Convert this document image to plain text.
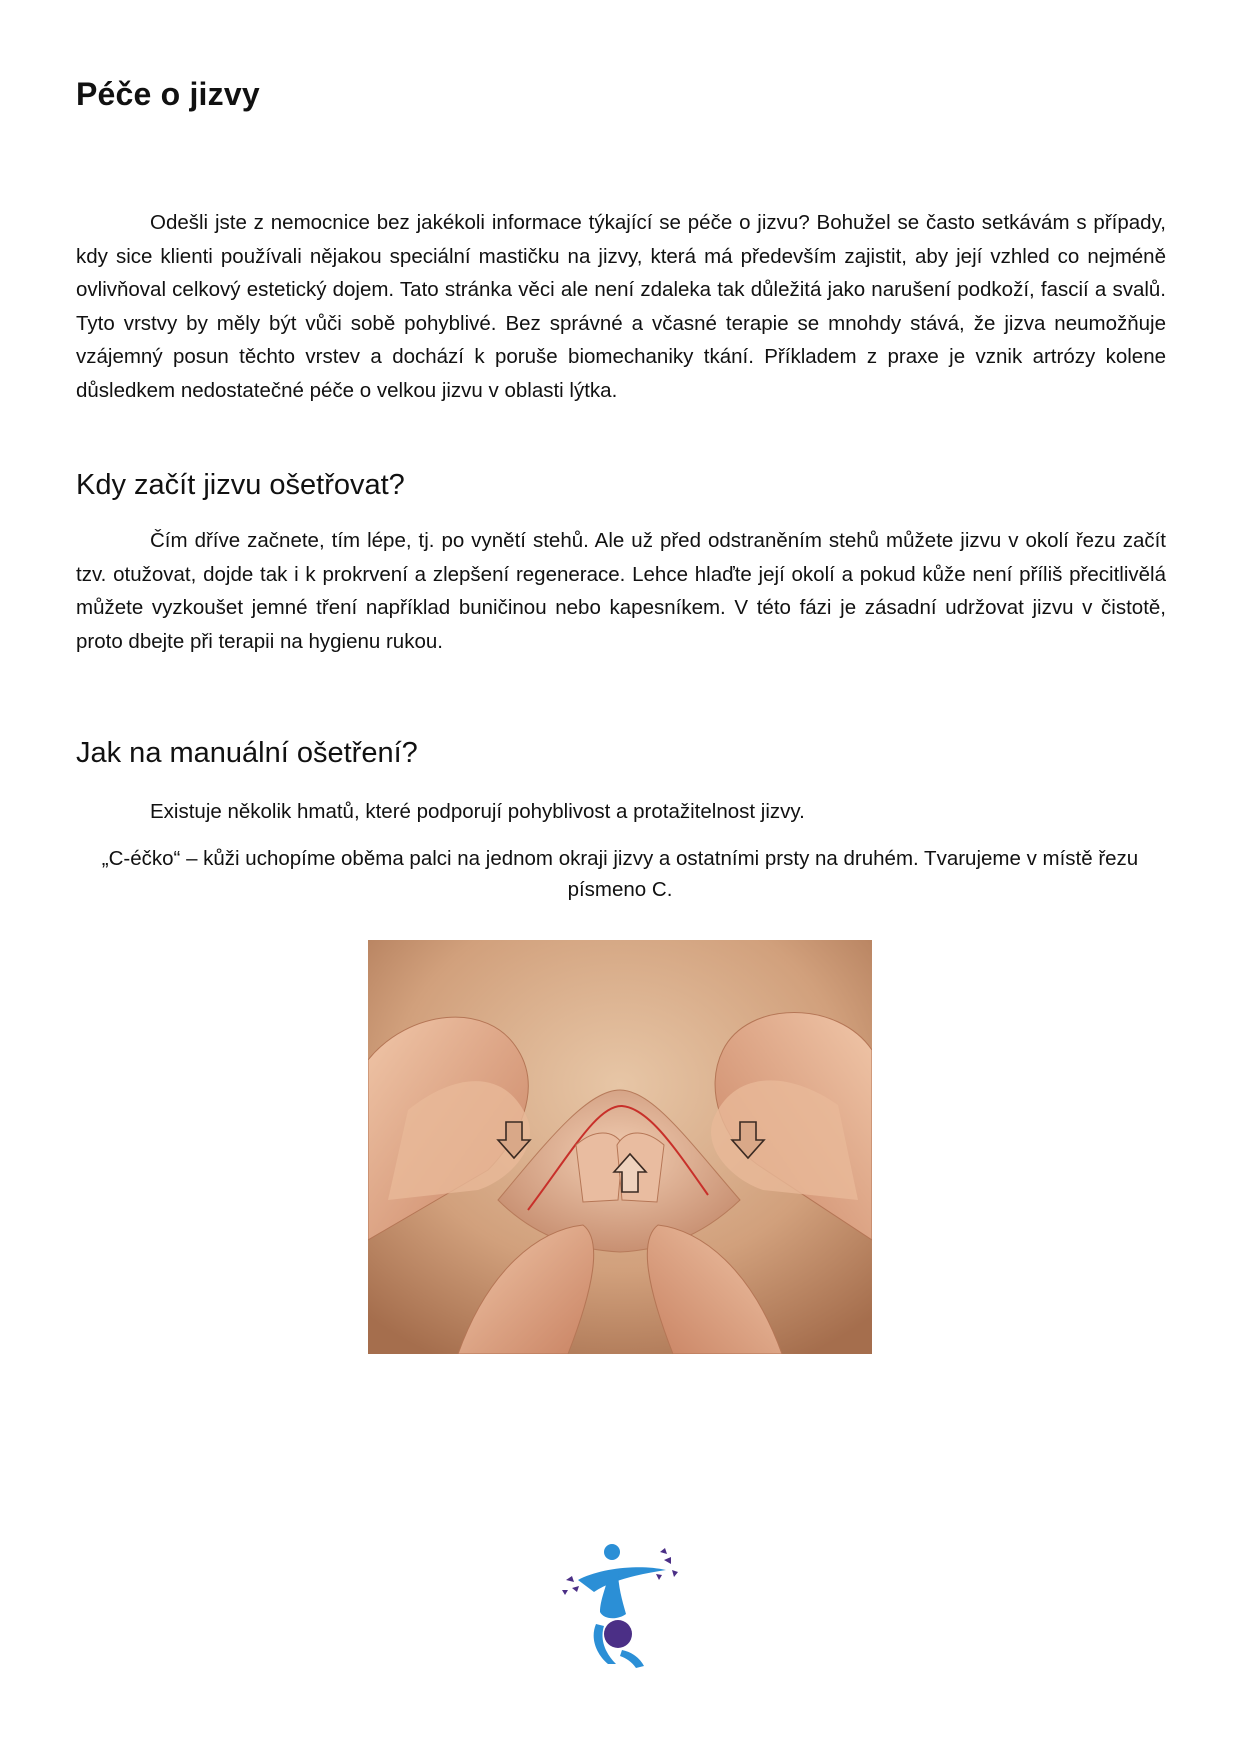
Péče o jizvy

Odešli jste z nemocnice bez jakékoli informace týkající se péče o jizvu? Bohužel se často setkávám s případy, kdy sice klienti používali nějakou speciální mastičku na jizvy, která má především zajistit, aby její vzhled co nejméně ovlivňoval celkový estetický dojem. Tato stránka věci ale není zdaleka tak důležitá jako narušení podkoží, fascií a svalů. Tyto vrstvy by měly být vůči sobě pohyblivé. Bez správné a včasné terapie se mnohdy stává, že jizva neumožňuje vzájemný posun těchto vrstev a dochází k poruše biomechaniky tkání. Příkladem z praxe je vznik artrózy kolene důsledkem nedostatečné péče o velkou jizvu v oblasti lýtka.

Kdy začít jizvu ošetřovat?

Čím dříve začnete, tím lépe, tj. po vynětí stehů. Ale už před odstraněním stehů můžete jizvu v okolí řezu začít tzv. otužovat, dojde tak i k prokrvení a zlepšení regenerace. Lehce hlaďte její okolí a pokud kůže není příliš přecitlivělá můžete vyzkoušet jemné tření například buničinou nebo kapesníkem. V této fázi je zásadní udržovat jizvu v čistotě, proto dbejte při terapii na hygienu rukou.

Jak na manuální ošetření?

Existuje několik hmatů, které podporují pohyblivost a protažitelnost jizvy.

„C-éčko“ – kůži uchopíme oběma palci na jednom okraji jizvy a ostatními prsty na druhém. Tvarujeme v místě řezu písmeno C.
